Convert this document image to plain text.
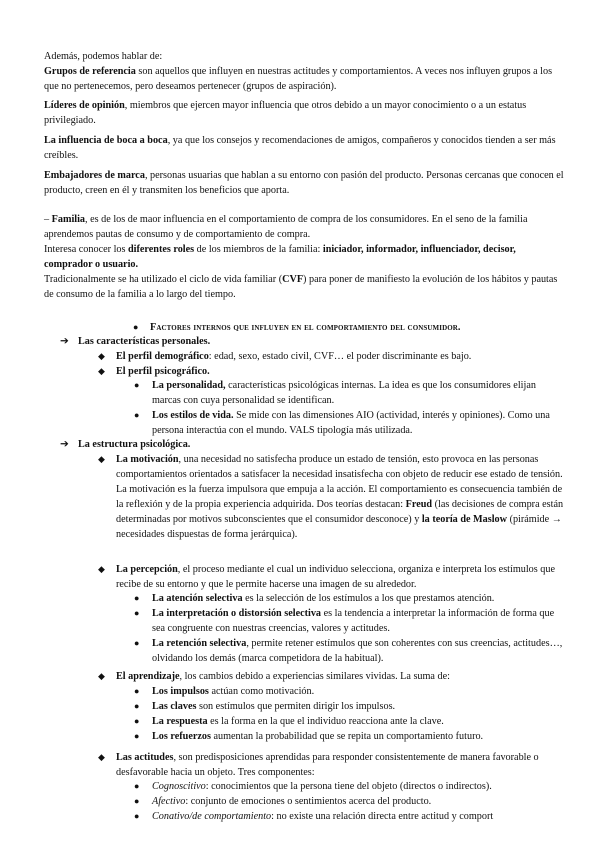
Además, podemos hablar de:

Grupos de referencia son aquellos que influyen en nuestras actitudes y comportamientos. A veces nos influyen grupos a los que no pertenecemos, pero deseamos pertenecer (grupos de aspiración).

Líderes de opinión, miembros que ejercen mayor influencia que otros debido a un mayor conocimiento o a un estatus privilegiado.

La influencia de boca a boca, ya que los consejos y recomendaciones de amigos, compañeros y conocidos tienden a ser más creíbles.

Embajadores de marca, personas usuarias que hablan a su entorno con pasión del producto. Personas cercanas que conocen el producto, creen en él y transmiten los beneficios que aporta.

– Familia, es de los de maor influencia en el comportamiento de compra de los consumidores. En el seno de la familia aprendemos pautas de consumo y de comportamiento de compra.

Interesa conocer los diferentes roles de los miembros de la familia: iniciador, informador, influenciador, decisor, comprador o usuario.

Tradicionalmente se ha utilizado el ciclo de vida familiar (CVF) para poner de manifiesto la evolución de los hábitos y pautas de consumo de la familia a lo largo del tiempo.

● Factores internos que influyen en el comportamiento del consumidor.
➔ Las características personales.

◆ El perfil demográfico: edad, sexo, estado civil, CVF… el poder discriminante es bajo.

◆ El perfil psicográfico.

● La personalidad, características psicológicas internas. La idea es que los consumidores elijan marcas con cuya personalidad se identifican.

● Los estilos de vida. Se mide con las dimensiones AIO (actividad, interés y opiniones). Como una persona interactúa con el mundo. VALS tipología más utilizada.

➔ La estructura psicológica.

◆ La motivación, una necesidad no satisfecha produce un estado de tensión, esto provoca en las personas comportamientos orientados a satisfacer la necesidad insatisfecha con objeto de reducir ese estado de tensión. La motivación es la fuerza impulsora que empuja a la acción. El comportamiento es consecuencia también de la reflexión y de la propia experiencia adquirida. Dos teorías destacan: Freud (las decisiones de compra están determinadas por motivos subconscientes que el consumidor desconoce) y la teoría de Maslow (pirámide → necesidades dispuestas de forma jerárquica).

◆ La percepción, el proceso mediante el cual un individuo selecciona, organiza e interpreta los estímulos que recibe de su entorno y que le permite hacerse una imagen de su alrededor.

● La atención selectiva es la selección de los estímulos a los que prestamos atención.

● La interpretación o distorsión selectiva es la tendencia a interpretar la información de forma que sea congruente con nuestras creencias, valores y actitudes.

● La retención selectiva, permite retener estímulos que son coherentes con sus creencias, actitudes…, olvidando los demás (marca competidora de la habitual).

◆ El aprendizaje, los cambios debido a experiencias similares vividas. La suma de:

● Los impulsos actúan como motivación.

● Las claves son estímulos que permiten dirigir los impulsos.

● La respuesta es la forma en la que el individuo reacciona ante la clave.

● Los refuerzos aumentan la probabilidad que se repita un comportamiento futuro.

◆ Las actitudes, son predisposiciones aprendidas para responder consistentemente de manera favorable o desfavorable hacia un objeto. Tres componentes:

● Cognoscitivo: conocimientos que la persona tiene del objeto (directos o indirectos).

● Afectivo: conjunto de emociones o sentimientos acerca del producto.

● Conativo/de comportamiento: no existe una relación directa entre actitud y comport
